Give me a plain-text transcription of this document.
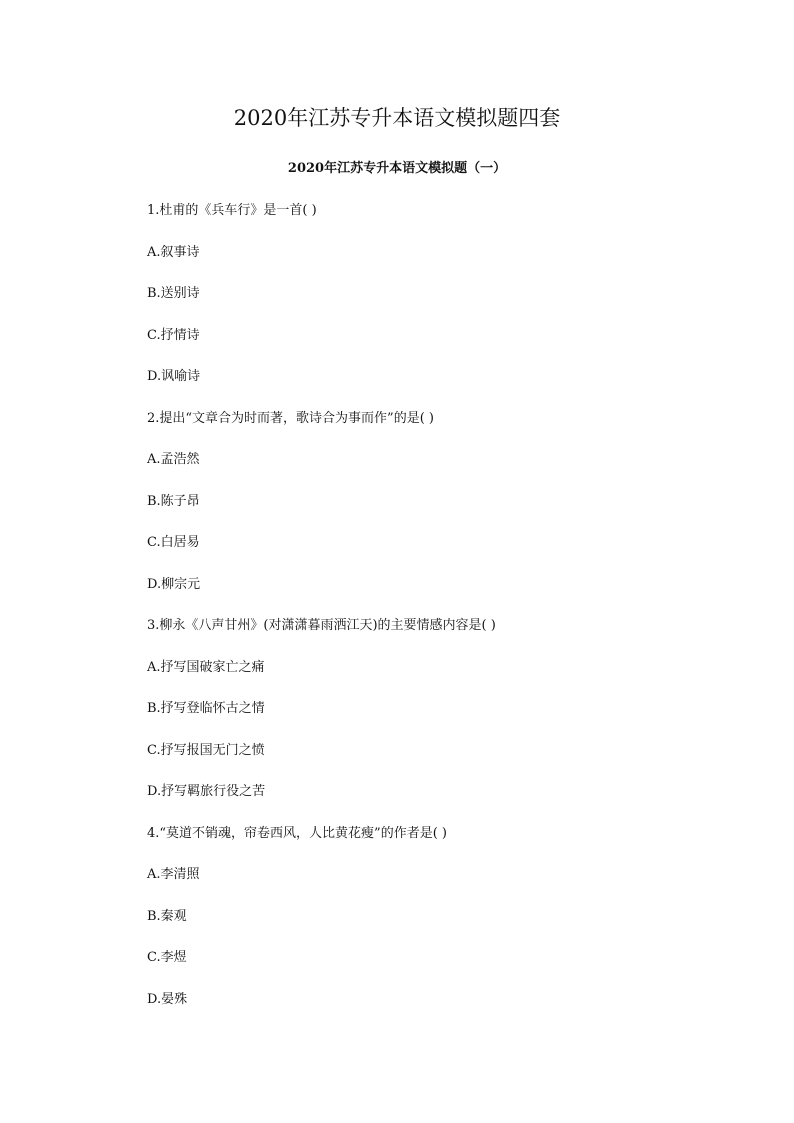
2020年江苏专升本语文模拟题四套
2020年江苏专升本语文模拟题（一）
1.杜甫的《兵车行》是一首( )
A.叙事诗
B.送别诗
C.抒情诗
D.讽喻诗
2.提出“文章合为时而著，歌诗合为事而作”的是( )
A.孟浩然
B.陈子昂
C.白居易
D.柳宗元
3.柳永《八声甘州》(对潇潇暮雨洒江天)的主要情感内容是( )
A.抒写国破家亡之痛
B.抒写登临怀古之情
C.抒写报国无门之愤
D.抒写羁旅行役之苦
4.“莫道不销魂，帘卷西风，人比黄花瘦”的作者是( )
A.李清照
B.秦观
C.李煜
D.晏殊
